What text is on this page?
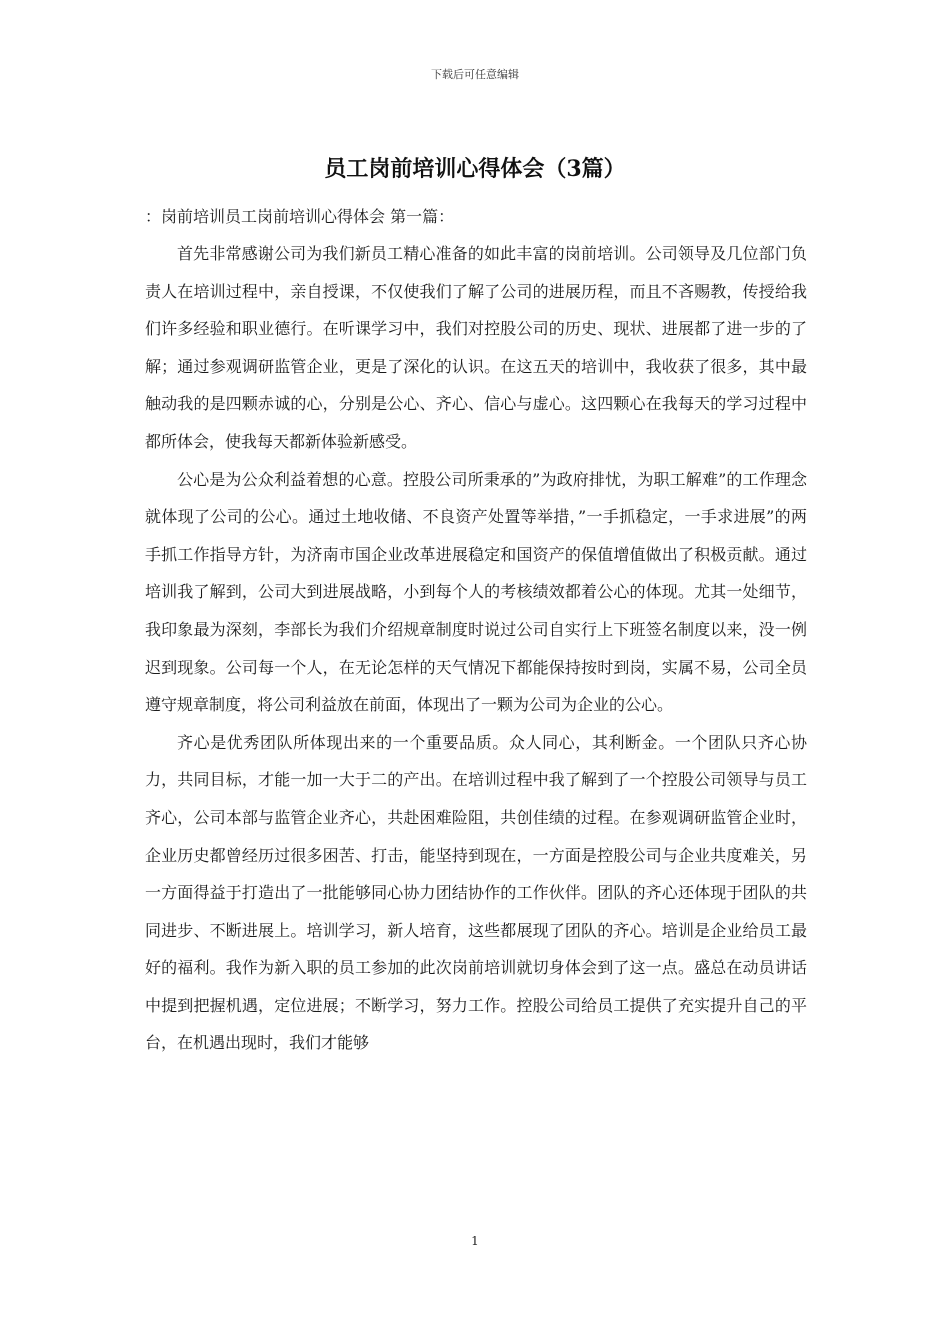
下载后可任意编辑
员工岗前培训心得体会（3篇）

：岗前培训员工岗前培训心得体会 第一篇：

首先非常感谢公司为我们新员工精心准备的如此丰富的岗前培训。公司领导及几位部门负责人在培训过程中，亲自授课，不仅使我们了解了公司的进展历程，而且不吝赐教，传授给我们许多经验和职业德行。在听课学习中，我们对控股公司的历史、现状、进展都了进一步的了解；通过参观调研监管企业，更是了深化的认识。在这五天的培训中，我收获了很多，其中最触动我的是四颗赤诚的心，分别是公心、齐心、信心与虚心。这四颗心在我每天的学习过程中都所体会，使我每天都新体验新感受。

公心是为公众利益着想的心意。控股公司所秉承的”为政府排忧，为职工解难”的工作理念就体现了公司的公心。通过土地收储、不良资产处置等举措，”一手抓稳定，一手求进展”的两手抓工作指导方针，为济南市国企业改革进展稳定和国资产的保值增值做出了积极贡献。通过培训我了解到，公司大到进展战略，小到每个人的考核绩效都着公心的体现。尤其一处细节，我印象最为深刻，李部长为我们介绍规章制度时说过公司自实行上下班签名制度以来，没一例迟到现象。公司每一个人，在无论怎样的天气情况下都能保持按时到岗，实属不易，公司全员遵守规章制度，将公司利益放在前面，体现出了一颗为公司为企业的公心。

齐心是优秀团队所体现出来的一个重要品质。众人同心，其利断金。一个团队只齐心协力，共同目标，才能一加一大于二的产出。在培训过程中我了解到了一个控股公司领导与员工齐心，公司本部与监管企业齐心，共赴困难险阻，共创佳绩的过程。在参观调研监管企业时，企业历史都曾经历过很多困苦、打击，能坚持到现在，一方面是控股公司与企业共度难关，另一方面得益于打造出了一批能够同心协力团结协作的工作伙伴。团队的齐心还体现于团队的共同进步、不断进展上。培训学习，新人培育，这些都展现了团队的齐心。培训是企业给员工最好的福利。我作为新入职的员工参加的此次岗前培训就切身体会到了这一点。盛总在动员讲话中提到把握机遇，定位进展；不断学习，努力工作。控股公司给员工提供了充实提升自己的平台，在机遇出现时，我们才能够

1
